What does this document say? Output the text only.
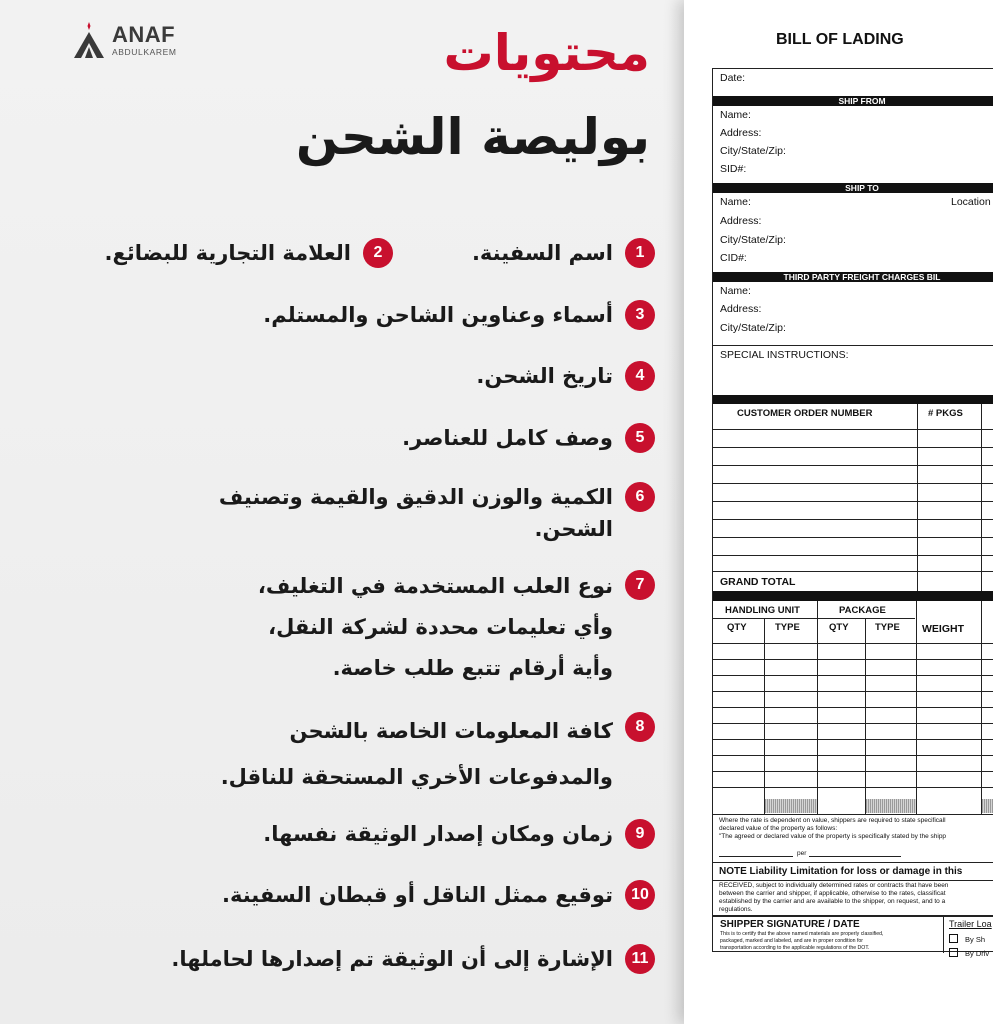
ANAF
ABDULKAREM	محتويات
بوليصة الشحن
1
اسم السفينة.
2
العلامة التجارية للبضائع.
3
أسماء وعناوين الشاحن والمستلم.
4
تاريخ الشحن.
5
وصف كامل للعناصر.
6
الكمية والوزن الدقيق والقيمة وتصنيف
الشحن.
7
نوع العلب المستخدمة في التغليف،
وأي تعليمات محددة لشركة النقل،
وأية أرقام تتبع طلب خاصة.
8
كافة المعلومات الخاصة بالشحن
والمدفوعات الأخري المستحقة للناقل.
9
زمان ومكان إصدار الوثيقة نفسها.
10
توقيع ممثل الناقل أو قبطان السفينة.
11
الإشارة إلى أن الوثيقة تم إصدارها لحاملها.
BILL OF LADING
Date:
SHIP FROM
Name:
Address:
City/State/Zip:
SID#:
SHIP TO
Name:	Location
Address:
City/State/Zip:
CID#:
THIRD PARTY FREIGHT CHARGES BIL
Name:
Address:
City/State/Zip:
SPECIAL INSTRUCTIONS:
CUSTOMER ORDER NUMBER	# PKGS
GRAND TOTAL
HANDLING UNIT	PACKAGE
QTY	TYPE	QTY	TYPE WEIGHT
Where the rate is dependent on value, shippers are required to state specificall
declared value of the property as follows:
"The agreed or declared value of the property is specifically stated by the shipp
per
NOTE Liability Limitation for loss or damage in this
RECEIVED, subject to individually determined rates or contracts that have been
between the carrier and shipper, if applicable, otherwise to the rates, classificat
established by the carrier and are available to the shipper, on request, and to a
regulations.
SHIPPER SIGNATURE / DATE
This is to certify that the above named materials are properly classified,
packaged, marked and labeled, and are in proper condition for
transportation according to the applicable regulations of the DOT.
Trailer Loa
By Sh
By Driv
